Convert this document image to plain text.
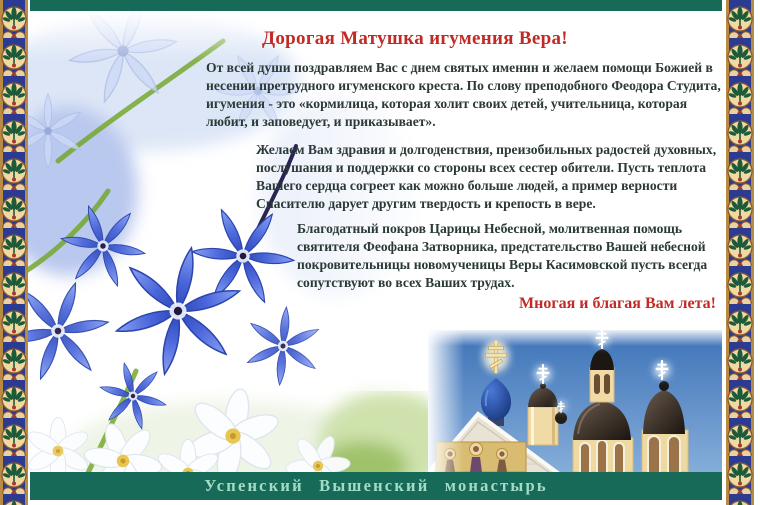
Дорогая Матушка игумения Вера!
От всей души поздравляем Вас с днем святых именин и желаем помощи Божией в несении претрудного игуменского креста. По слову преподобного Феодора Студита, игумения - это «кормилица, которая холит своих детей, учительница, которая любит, и заповедует, и приказывает».
Желаем Вам здравия и долгоденствия, преизобильных радостей духовных, послушания и поддержки со стороны всех сестер обители. Пусть теплота Вашего сердца согреет как можно больше людей, а пример верности Спасителю дарует другим твердость и крепость в вере.
Благодатный покров Царицы Небесной, молитвенная помощь святителя Феофана Затворника, предстательство Вашей небесной покровительницы новомученицы Веры Касимовской пусть всегда сопутствуют во всех Ваших трудах.
Многая и благая Вам лета!
Успенский Вышенский монастырь
